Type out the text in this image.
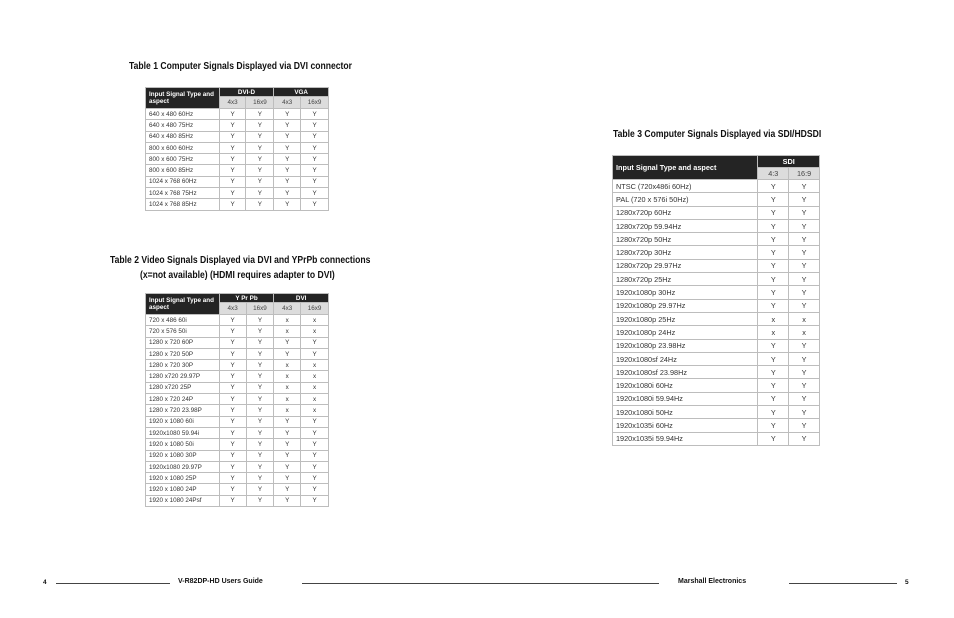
Table 1 Computer Signals Displayed via DVI connector
Input Signal Type and aspect	DVI-D		VGA	
	4x3	16x9	4x3	16x9
640 x 480 60Hz	Y	Y	Y	Y
640 x 480 75Hz	Y	Y	Y	Y
640 x 480 85Hz	Y	Y	Y	Y
800 x 600 60Hz	Y	Y	Y	Y
800 x 600 75Hz	Y	Y	Y	Y
800 x 600 85Hz	Y	Y	Y	Y
1024 x 768 60Hz	Y	Y	Y	Y
1024 x 768 75Hz	Y	Y	Y	Y
1024 x 768 85Hz	Y	Y	Y	Y
Table 2 Video Signals Displayed via DVI and YPrPb connections
(x=not available) (HDMI requires adapter to DVI)
Input Signal Type and aspect	Y Pr Pb		DVI	
	4x3	16x9	4x3	16x9
720 x 486 60i	Y	Y	x	x
720 x 576 50i	Y	Y	x	x
1280 x 720 60P	Y	Y	Y	Y
1280 x 720 50P	Y	Y	Y	Y
1280 x 720 30P	Y	Y	x	x
1280 x720 29.97P	Y	Y	x	x
1280 x720 25P	Y	Y	x	x
1280 x 720 24P	Y	Y	x	x
1280 x 720 23.98P	Y	Y	x	x
1920 x 1080 60i	Y	Y	Y	Y
1920x1080 59.94i	Y	Y	Y	Y
1920 x 1080 50i	Y	Y	Y	Y
1920 x 1080 30P	Y	Y	Y	Y
1920x1080 29.97P	Y	Y	Y	Y
1920 x 1080 25P	Y	Y	Y	Y
1920 x 1080 24P	Y	Y	Y	Y
1920 x 1080 24Psf	Y	Y	Y	Y
Table 3 Computer Signals Displayed via SDI/HDSDI
Input Signal Type and aspect	SDI	
	4:3	16:9
NTSC (720x486i 60Hz)	Y	Y
PAL (720 x 576i 50Hz)	Y	Y
1280x720p 60Hz	Y	Y
1280x720p 59.94Hz	Y	Y
1280x720p 50Hz	Y	Y
1280x720p 30Hz	Y	Y
1280x720p 29.97Hz	Y	Y
1280x720p 25Hz	Y	Y
1920x1080p 30Hz	Y	Y
1920x1080p 29.97Hz	Y	Y
1920x1080p 25Hz	x	x
1920x1080p 24Hz	x	x
1920x1080p 23.98Hz	Y	Y
1920x1080sf 24Hz	Y	Y
1920x1080sf 23.98Hz	Y	Y
1920x1080i 60Hz	Y	Y
1920x1080i 59.94Hz	Y	Y
1920x1080i 50Hz	Y	Y
1920x1035i 60Hz	Y	Y
1920x1035i 59.94Hz	Y	Y
4	V-R82DP-HD Users Guide	Marshall Electronics	5
